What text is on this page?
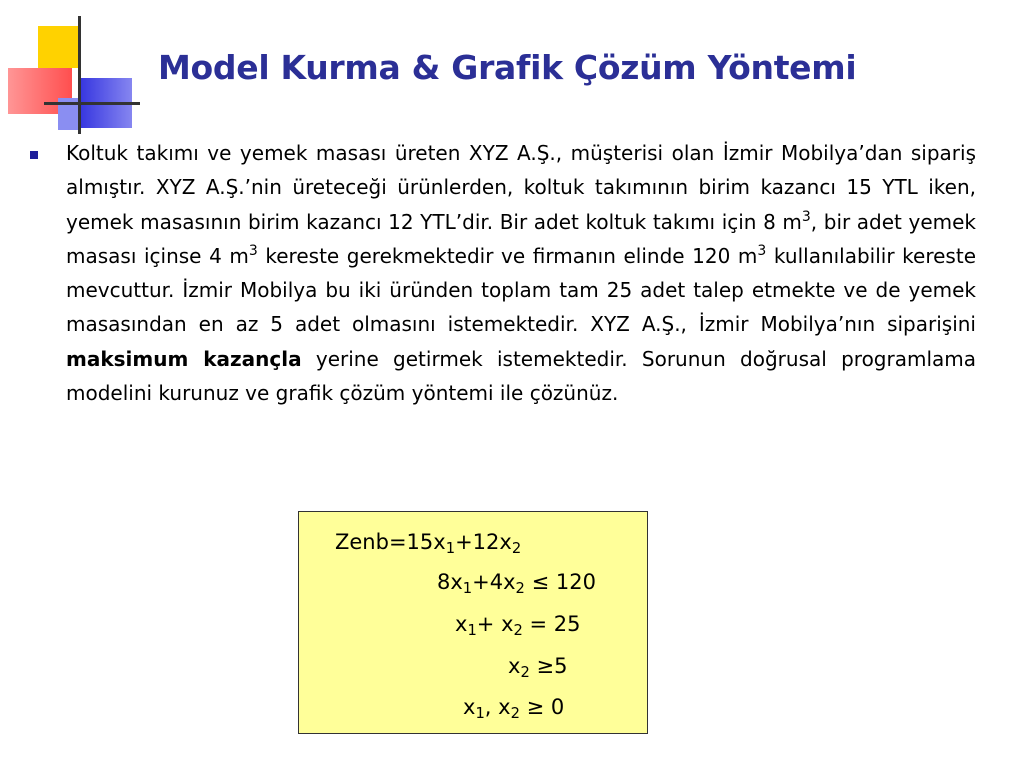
Model Kurma & Grafik Çözüm Yöntemi
Koltuk takımı ve yemek masası üreten XYZ A.Ş., müşterisi olan İzmir Mobilya’dan sipariş almıştır. XYZ A.Ş.’nin üreteceği ürünlerden, koltuk takımının birim kazancı 15 YTL iken, yemek masasının birim kazancı 12 YTL’dir. Bir adet koltuk takımı için 8 $m^3$, bir adet yemek masası içinse 4 $m^3$ kereste gerekmektedir ve firmanın elinde 120 $m^3$ kullanılabilir kereste mevcuttur. İzmir Mobilya bu iki üründen toplam tam 25 adet talep etmekte ve de yemek masasından en az 5 adet olmasını istemektedir. XYZ A.Ş., İzmir Mobilya’nın siparişini maksimum kazançla yerine getirmek istemektedir. Sorunun doğrusal programlama modelini kurunuz ve grafik çözüm yöntemi ile çözünüz.
$Zenb=15x_1+12x_2$
$8x_1+4x_2 \le 120$
$x_1+ x_2 = 25$
$x_2 \ge 5$
$x_1$, $x_2 \ge 0$
